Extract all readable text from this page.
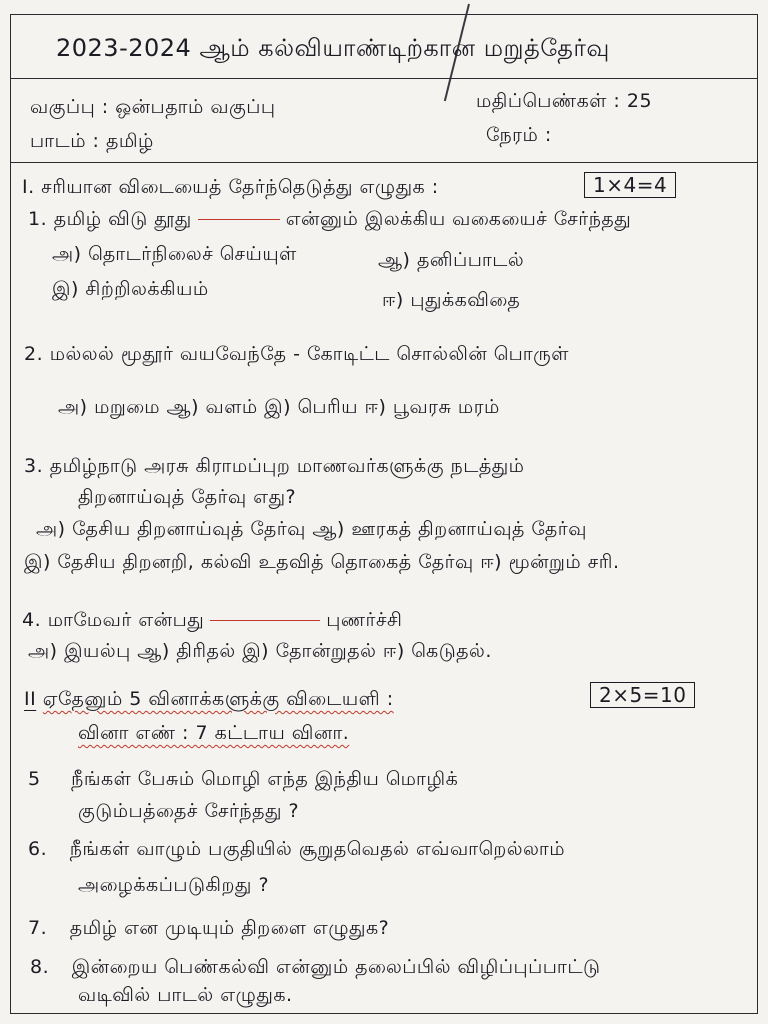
2023-2024 ஆம் கல்வியாண்டிற்கான மறுத்தேர்வு
வகுப்பு : ஒன்பதாம் வகுப்பு	மதிப்பெண்கள் : 25
பாடம் : தமிழ்	நேரம் :
I. சரியான விடையைத் தேர்ந்தெடுத்து எழுதுக :	1×4=4
1. தமிழ் விடு தூது	என்னும் இலக்கிய வகையைச் சேர்ந்தது
அ) தொடர்நிலைச் செய்யுள்	ஆ) தனிப்பாடல்
இ) சிற்றிலக்கியம்	ஈ) புதுக்கவிதை
2. மல்லல் மூதூர் வயவேந்தே - கோடிட்ட சொல்லின் பொருள்
அ) மறுமை ஆ) வளம் இ) பெரிய ஈ) பூவரசு மரம்
3. தமிழ்நாடு அரசு கிராமப்புற மாணவர்களுக்கு நடத்தும்
திறனாய்வுத் தேர்வு எது?
அ) தேசிய திறனாய்வுத் தேர்வு ஆ) ஊரகத் திறனாய்வுத் தேர்வு
இ) தேசிய திறனறி, கல்வி உதவித் தொகைத் தேர்வு ஈ) மூன்றும் சரி.
4. மாமேவர் என்பது	புணர்ச்சி
அ) இயல்பு ஆ) திரிதல் இ) தோன்றுதல் ஈ) கெடுதல்.
II ஏதேனும் 5 வினாக்களுக்கு விடையளி :	2×5=10
வினா எண் : 7 கட்டாய வினா.
5 நீங்கள் பேசும் மொழி எந்த இந்திய மொழிக்
குடும்பத்தைச் சேர்ந்தது ?
6. நீங்கள் வாழும் பகுதியில் சூறுதவெதல் எவ்வாறெல்லாம்
அழைக்கப்படுகிறது ?
7. தமிழ் என முடியும் திறளை எழுதுக?
8. இன்றைய பெண்கல்வி என்னும் தலைப்பில் விழிப்புப்பாட்டு
வடிவில் பாடல் எழுதுக.
